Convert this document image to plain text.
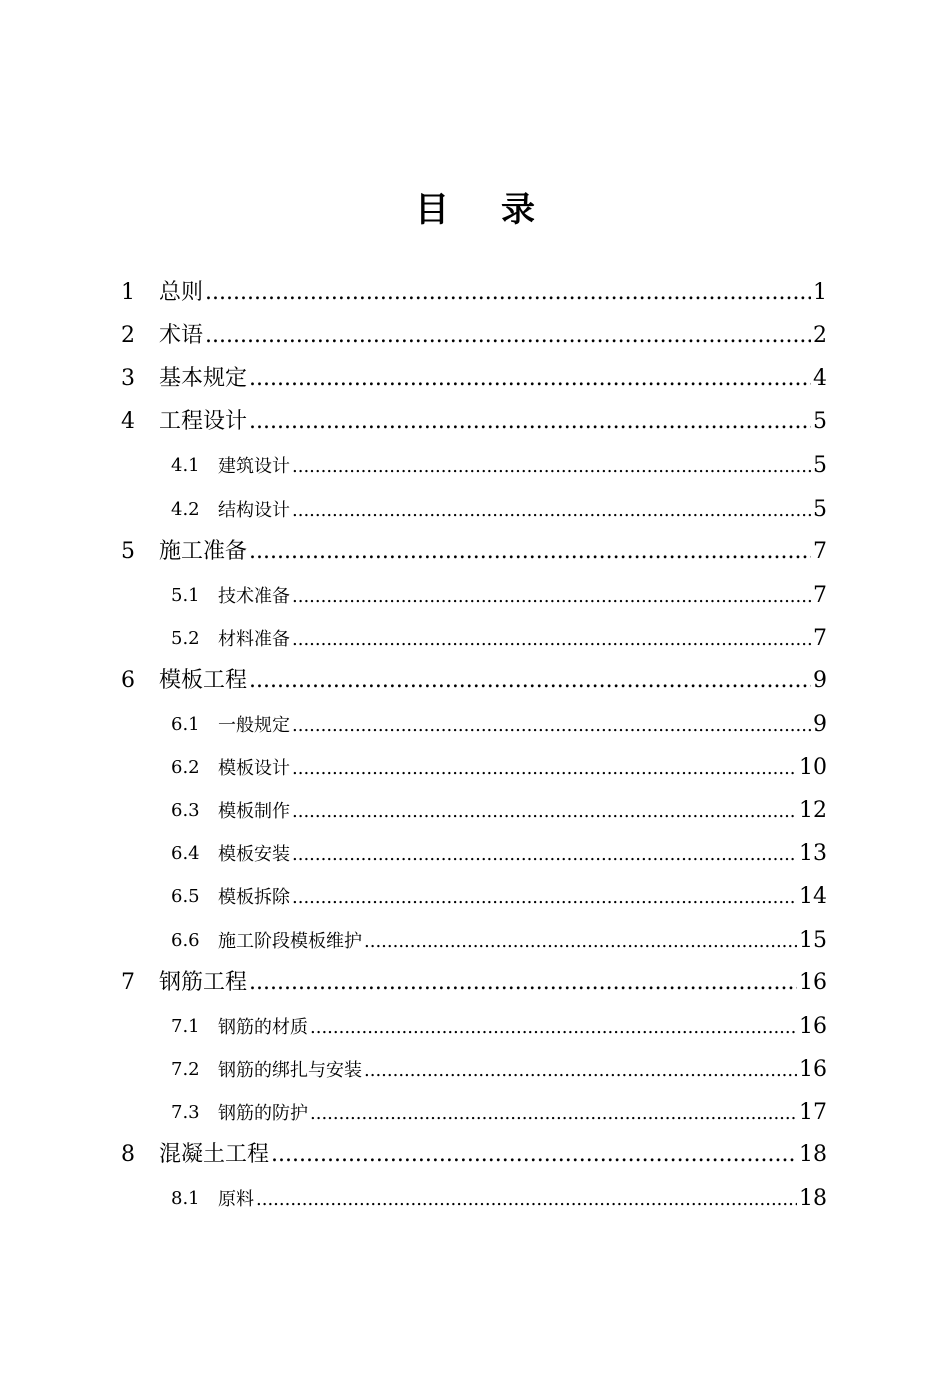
目录
1 总则 .....	1
2 术语 .....	2
3 基本规定 .....	4
4 工程设计 .....	5
4.1 建筑设计 .....	5
4.2 结构设计 .....	5
5 施工准备 .....	7
5.1 技术准备 .....	7
5.2 材料准备 .....	7
6 模板工程 .....	9
6.1 一般规定 .....	9
6.2 模板设计 .....	10
6.3 模板制作 .....	12
6.4 模板安装 .....	13
6.5 模板拆除 .....	14
6.6 施工阶段模板维护 .....	15
7 钢筋工程 .....	16
7.1 钢筋的材质 .....	16
7.2 钢筋的绑扎与安装 .....	16
7.3 钢筋的防护 .....	17
8 混凝土工程 .....	18
8.1 原料 .....	18
